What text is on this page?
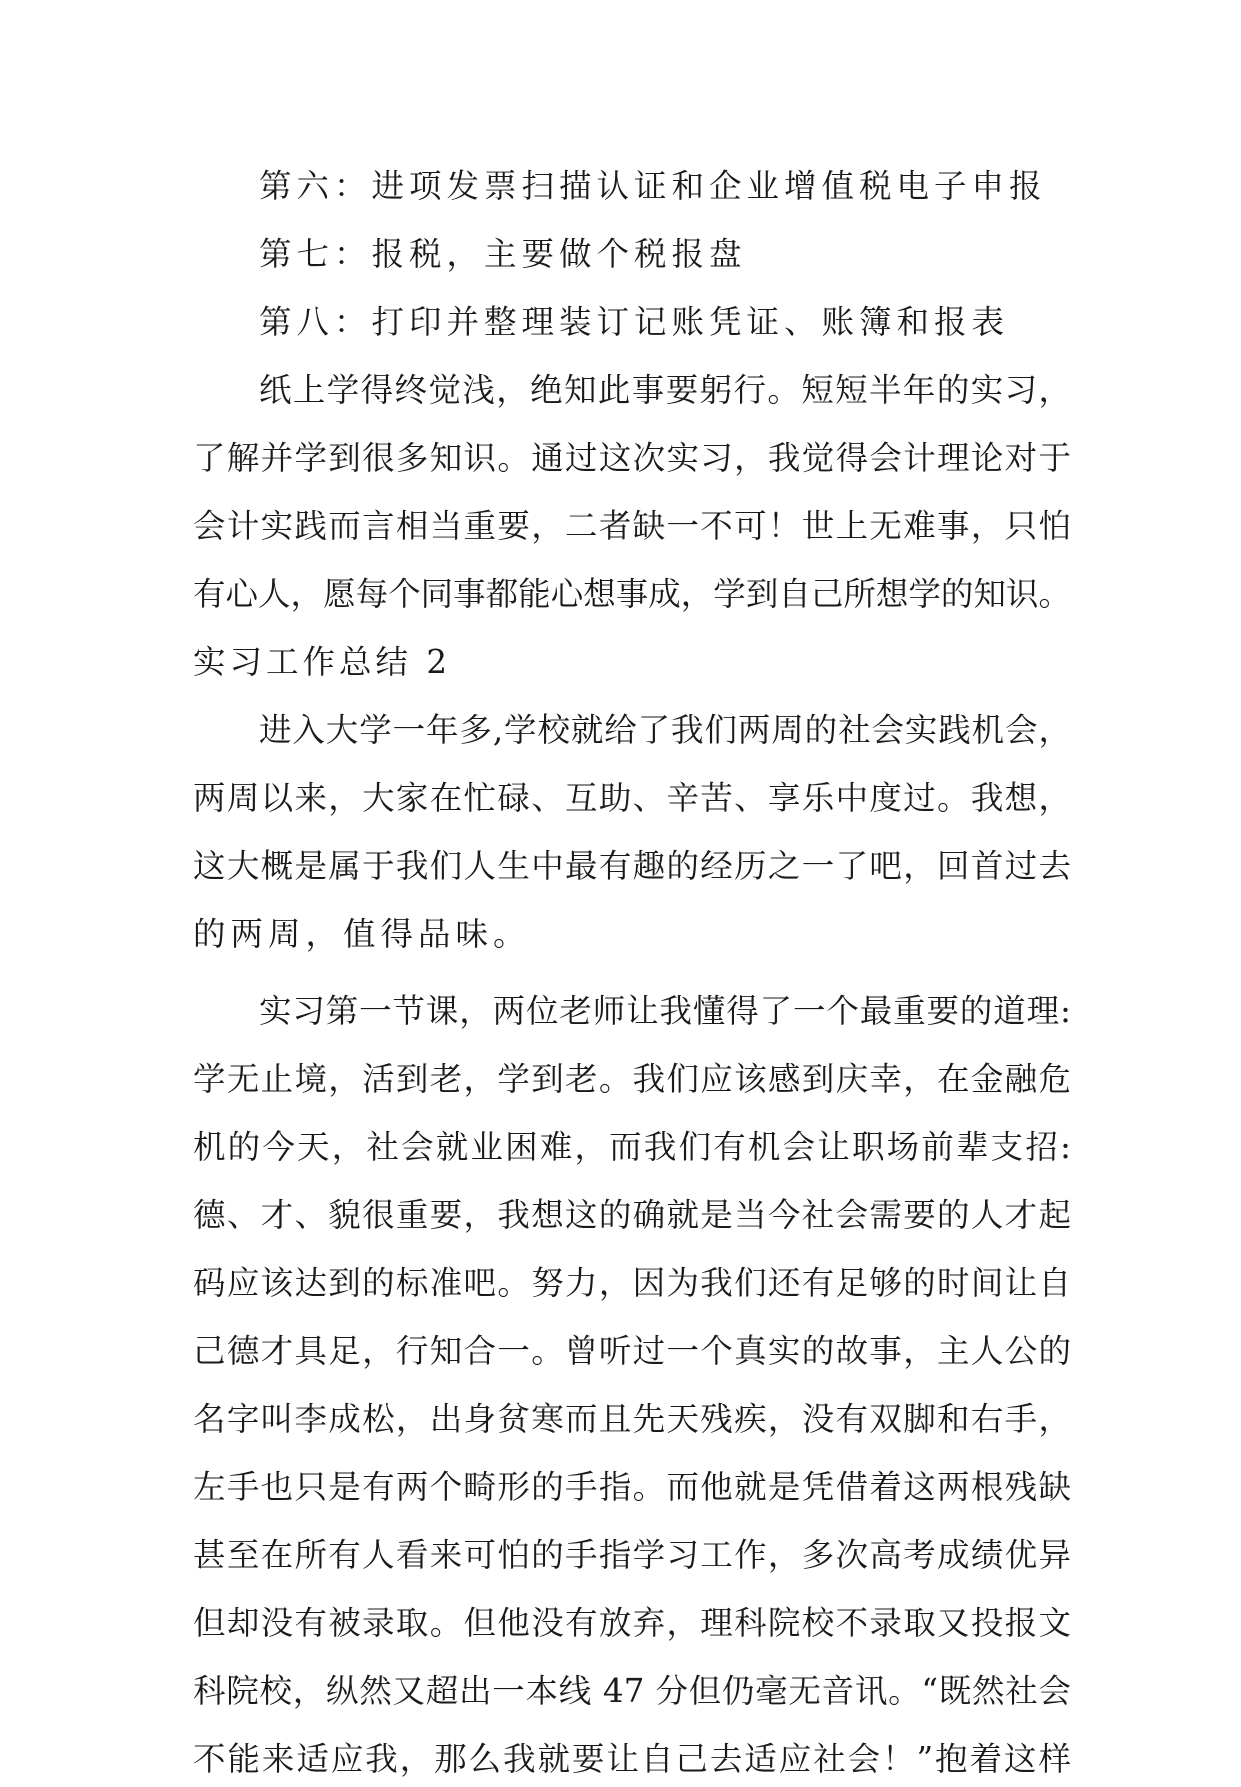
第六：进项发票扫描认证和企业增值税电子申报
第七：报税，主要做个税报盘
第八：打印并整理装订记账凭证、账簿和报表
纸上学得终觉浅，绝知此事要躬行。短短半年的实习，
了解并学到很多知识。通过这次实习，我觉得会计理论对于
会计实践而言相当重要，二者缺一不可！世上无难事，只怕
有心人，愿每个同事都能心想事成，学到自己所想学的知识。
实习工作总结 2
进入大学一年多,学校就给了我们两周的社会实践机会，
两周以来，大家在忙碌、互助、辛苦、享乐中度过。我想，
这大概是属于我们人生中最有趣的经历之一了吧，回首过去
的两周，值得品味。
实习第一节课，两位老师让我懂得了一个最重要的道理:
学无止境，活到老，学到老。我们应该感到庆幸，在金融危
机的今天，社会就业困难，而我们有机会让职场前辈支招:
德、才、貌很重要，我想这的确就是当今社会需要的人才起
码应该达到的标准吧。努力，因为我们还有足够的时间让自
己德才具足，行知合一。曾听过一个真实的故事，主人公的
名字叫李成松，出身贫寒而且先天残疾，没有双脚和右手，
左手也只是有两个畸形的手指。而他就是凭借着这两根残缺
甚至在所有人看来可怕的手指学习工作，多次高考成绩优异
但却没有被录取。但他没有放弃，理科院校不录取又投报文
科院校，纵然又超出一本线 47 分但仍毫无音讯。“既然社会
不能来适应我，那么我就要让自己去适应社会！”抱着这样
